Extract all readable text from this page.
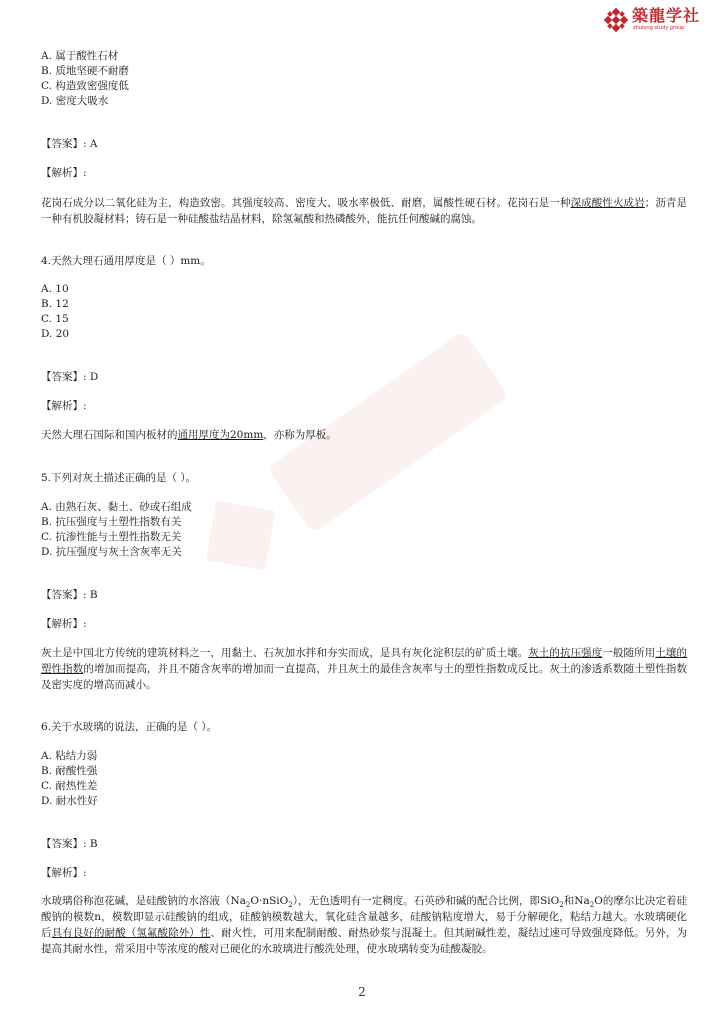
築龍学社
zhulong study group
A. 属于酸性石材
B. 质地坚硬不耐磨
C. 构造致密强度低
D. 密度大吸水
【答案】: A
【解析】:
花岗石成分以二氧化硅为主，构造致密。其强度较高、密度大、吸水率极低、耐磨，属酸性硬石材。花岗石是一种深成酸性火成岩；沥青是一种有机胶凝材料；铸石是一种硅酸盐结晶材料，除氢氟酸和热磷酸外，能抗任何酸碱的腐蚀。
4.天然大理石通用厚度是（ ）mm。
A. 10
B. 12
C. 15
D. 20
【答案】: D
【解析】:
天然大理石国际和国内板材的通用厚度为20mm，亦称为厚板。
5.下列对灰土描述正确的是（ ）。
A. 由熟石灰、黏土、砂或石组成
B. 抗压强度与土塑性指数有关
C. 抗渗性能与土塑性指数无关
D. 抗压强度与灰土含灰率无关
【答案】: B
【解析】:
灰土是中国北方传统的建筑材料之一，用黏土、石灰加水拌和夯实而成，是具有灰化淀积层的矿质土壤。灰土的抗压强度一般随所用土壤的塑性指数的增加而提高，并且不随含灰率的增加而一直提高，并且灰土的最佳含灰率与土的塑性指数成反比。灰土的渗透系数随土塑性指数及密实度的增高而减小。
6.关于水玻璃的说法，正确的是（ ）。
A. 粘结力弱
B. 耐酸性强
C. 耐热性差
D. 耐水性好
【答案】: B
【解析】:
水玻璃俗称泡花碱，是硅酸钠的水溶液$(Na_2O\cdot nSiO_2)$，无色透明有一定稠度。石英砂和碱的配合比例，即SiO$_2$和$Na_2O$的摩尔比决定着硅酸钠的模数n，模数即显示硅酸钠的组成，硅酸钠模数越大，氧化硅含量越多，硅酸钠粘度增大，易于分解硬化，粘结力越大。水玻璃硬化后具有良好的耐酸（氢氟酸除外）性、耐火性，可用来配制耐酸、耐热砂浆与混凝土。但其耐碱性差，凝结过速可导致强度降低。另外，为提高其耐水性，常采用中等浓度的酸对已硬化的水玻璃进行酸洗处理，使水玻璃转变为硅酸凝胶。
2
